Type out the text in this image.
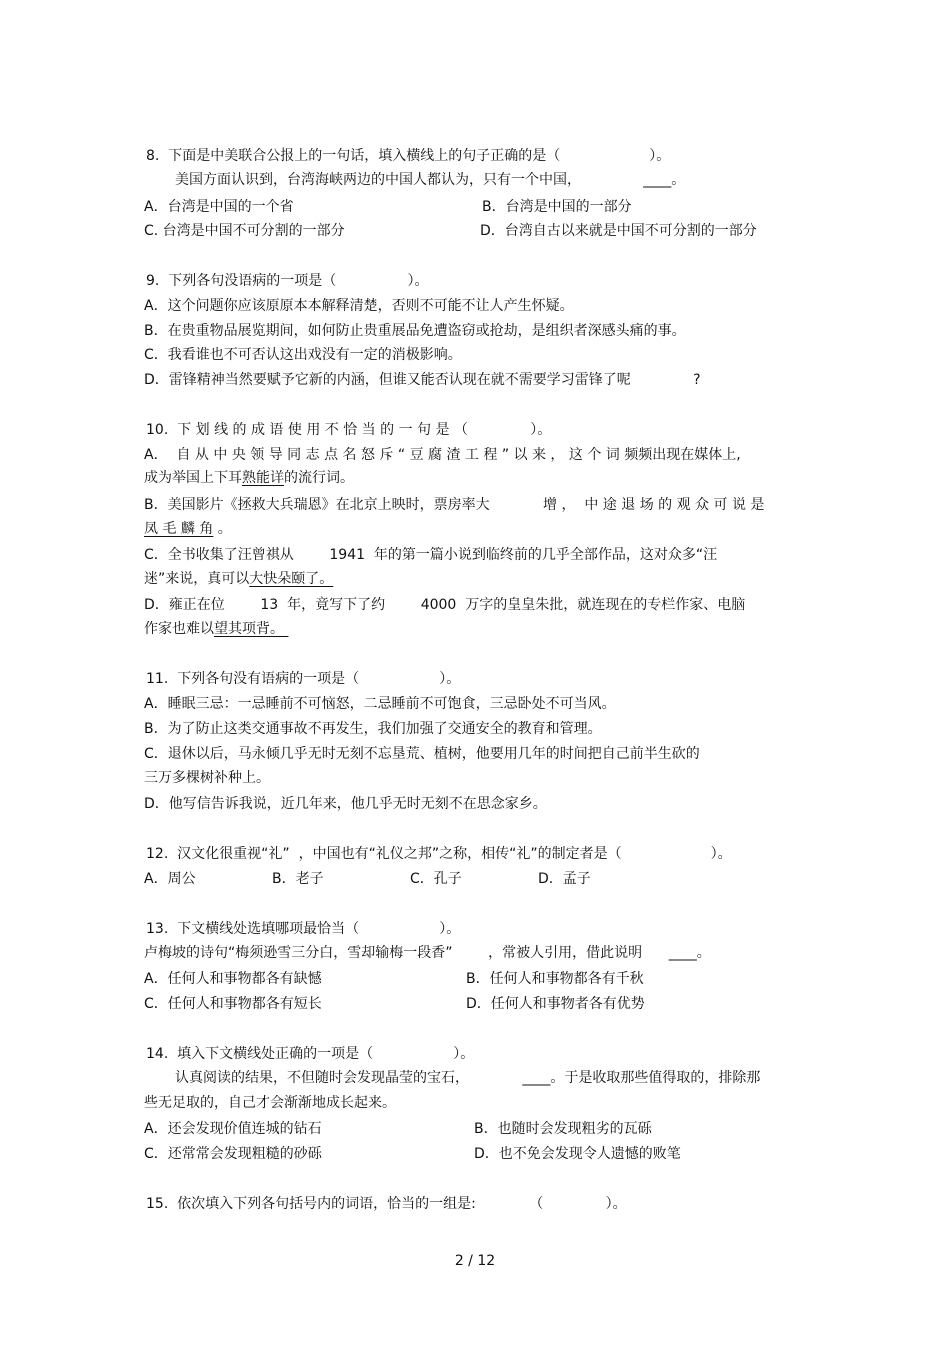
8.  下面是中美联合公报上的一句话，填入横线上的句子正确的是（                    ）。
美国方面认识到，台湾海峡两边的中国人都认为，只有一个中国，              ____。
A．台湾是中国的一个省	B．台湾是中国的一部分
C. 台湾是中国不可分割的一部分	D．台湾自古以来就是中国不可分割的一部分
9.  下列各句没语病的一项是（                ）。
A．这个问题你应该原原本本解释清楚，否则不可能不让人产生怀疑。
B．在贵重物品展览期间，如何防止贵重展品免遭盗窃或抢劫，是组织者深感头痛的事。
C．我看谁也不可否认这出戏没有一定的消极影响。
D．雷锋精神当然要赋予它新的内涵，但谁又能否认现在就不需要学习雷锋了呢              ?
10.  下 划 线 的 成 语 使 用 不 恰 当 的 一 句 是 （              ）。
A．  自 从 中 央 领 导 同 志 点 名 怒 斥 “ 豆 腐 渣 工 程 ” 以 来 ， 这 个 词 频频出现在媒体上,
成为举国上下耳熟能详的流行词。
B．美国影片《拯救大兵瑞恩》在北京上映时，票房率大            增 ，  中 途 退 场 的 观 众 可 说 是
凤 毛 麟 角 。
C．全书收集了汪曾祺从        1941  年的第一篇小说到临终前的几乎全部作品，这对众多“汪
迷”来说，真可以大快朵颐了。
D．雍正在位        13  年，竟写下了约        4000  万字的皇皇朱批，就连现在的专栏作家、电脑
作家也难以望其项背。
11.  下列各句没有语病的一项是（                  ）。
A．睡眠三忌：一忌睡前不可恼怒，二忌睡前不可饱食，三忌卧处不可当风。
B．为了防止这类交通事故不再发生，我们加强了交通安全的教育和管理。
C．退休以后，马永倾几乎无时无刻不忘垦荒、植树，他要用几年的时间把自己前半生砍的
三万多棵树补种上。
D．他写信告诉我说，近几年来，他几乎无时无刻不在思念家乡。
12.  汉文化很重视“礼”  ，中国也有“礼仪之邦”之称，相传“礼”的制定者是（                    ）。
A．周公	B．老子	C．孔子	D．孟子
13.  下文横线处选填哪项最恰当（                  ）。
卢梅坡的诗句“梅须逊雪三分白，雪却输梅一段香”        ，常被人引用，借此说明      ____。
A．任何人和事物都各有缺憾	B．任何人和事物都各有千秋
C．任何人和事物都各有短长	D．任何人和事物者各有优势
14.  填入下文横线处正确的一项是（                  ）。
认真阅读的结果，不但随时会发现晶莹的宝石，            ____。于是收取那些值得取的，排除那
些无足取的，自己才会渐渐地成长起来。
A．还会发现价值连城的钻石	B．也随时会发现粗劣的瓦砾
C．还常常会发现粗糙的砂砾	D．也不免会发现令人遗憾的败笔
15.  依次填入下列各句括号内的词语，恰当的一组是:            （              ）。
2 / 12
